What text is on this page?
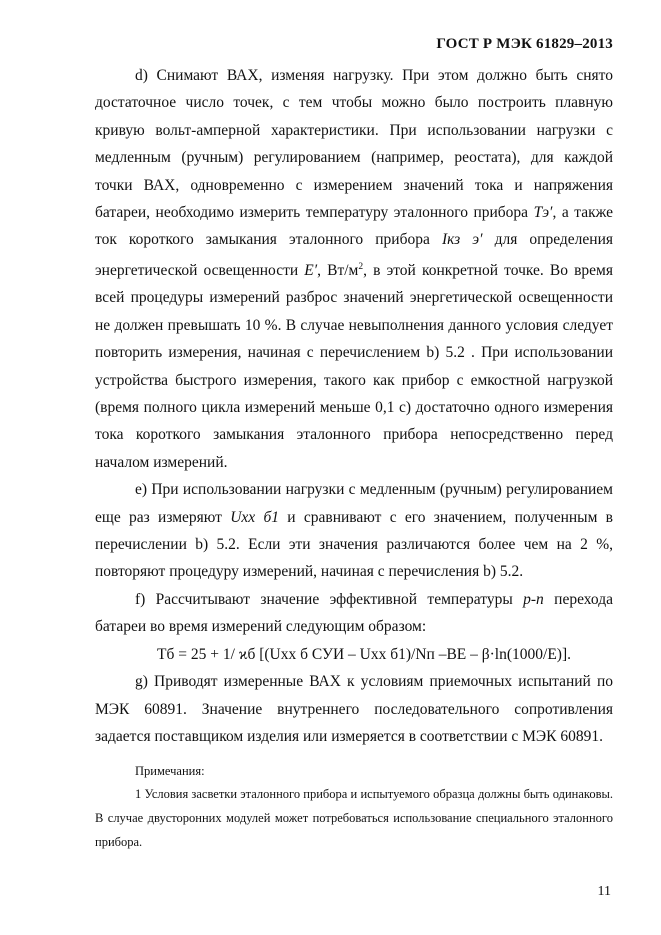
ГОСТ Р МЭК 61829–2013

d) Снимают ВАХ, изменяя нагрузку. При этом должно быть снято достаточное число точек, с тем чтобы можно было построить плавную кривую вольт-амперной характеристики. При использовании нагрузки с медленным (ручным) регулированием (например, реостата), для каждой точки ВАХ, одновременно с измерением значений тока и напряжения батареи, необходимо измерить температуру эталонного прибора Tэ′, а также ток короткого замыкания эталонного прибора Iкз э′ для определения энергетической освещенности E′, $Вт/м^2$, в этой конкретной точке. Во время всей процедуры измерений разброс значений энергетической освещенности не должен превышать 10 %. В случае невыполнения данного условия следует повторить измерения, начиная с перечислением b) 5.2 . При использовании устройства быстрого измерения, такого как прибор с емкостной нагрузкой (время полного цикла измерений меньше 0,1 с) достаточно одного измерения тока короткого замыкания эталонного прибора непосредственно перед началом измерений.

е) При использовании нагрузки с медленным (ручным) регулированием еще раз измеряют Uхх б1 и сравнивают с его значением, полученным в перечислении b) 5.2. Если эти значения различаются более чем на 2 %, повторяют процедуру измерений, начиная с перечисления b) 5.2.

f) Рассчитывают значение эффективной температуры p-n перехода батареи во время измерений следующим образом:

Tб = 25 + 1/ ϰб [(Uхх б СУИ – Uхх б1)/Nп –BE – β·ln(1000/E)].

g) Приводят измеренные ВАХ к условиям приемочных испытаний по МЭК 60891. Значение внутреннего последовательного сопротивления задается поставщиком изделия или измеряется в соответствии с МЭК 60891.

Примечания:

1 Условия засветки эталонного прибора и испытуемого образца должны быть одинаковы. В случае двусторонних модулей может потребоваться использование специального эталонного прибора.

11
